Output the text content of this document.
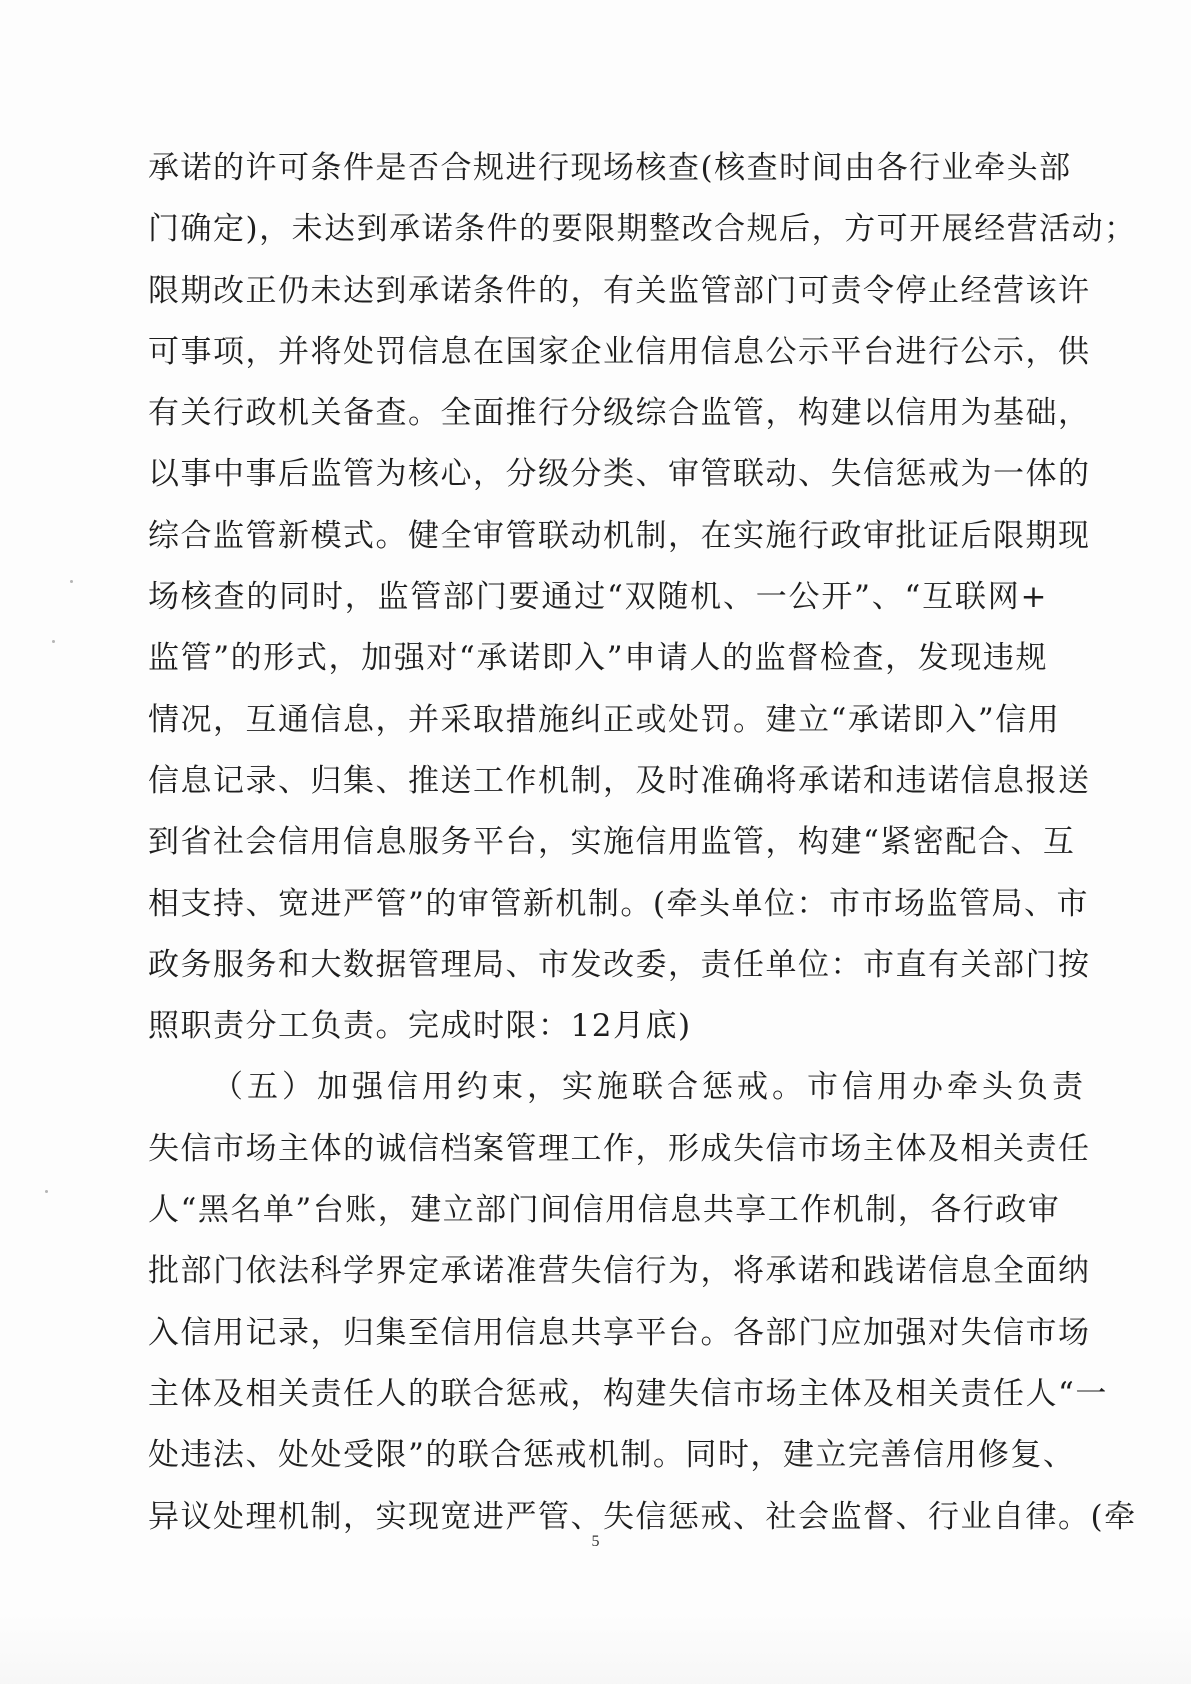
承诺的许可条件是否合规进行现场核查(核查时间由各行业牵头部
门确定)，未达到承诺条件的要限期整改合规后，方可开展经营活动；
限期改正仍未达到承诺条件的，有关监管部门可责令停止经营该许
可事项，并将处罚信息在国家企业信用信息公示平台进行公示，供
有关行政机关备查。全面推行分级综合监管，构建以信用为基础，
以事中事后监管为核心，分级分类、审管联动、失信惩戒为一体的
综合监管新模式。健全审管联动机制，在实施行政审批证后限期现
场核查的同时，监管部门要通过“双随机、一公开”、“互联网+
监管”的形式，加强对“承诺即入”申请人的监督检查，发现违规
情况，互通信息，并采取措施纠正或处罚。建立“承诺即入”信用
信息记录、归集、推送工作机制，及时准确将承诺和违诺信息报送
到省社会信用信息服务平台，实施信用监管，构建“紧密配合、互
相支持、宽进严管”的审管新机制。(牵头单位：市市场监管局、市
政务服务和大数据管理局、市发改委，责任单位：市直有关部门按
照职责分工负责。完成时限：12月底)
（五）加强信用约束，实施联合惩戒。市信用办牵头负责
失信市场主体的诚信档案管理工作，形成失信市场主体及相关责任
人“黑名单”台账，建立部门间信用信息共享工作机制，各行政审
批部门依法科学界定承诺准营失信行为，将承诺和践诺信息全面纳
入信用记录，归集至信用信息共享平台。各部门应加强对失信市场
主体及相关责任人的联合惩戒，构建失信市场主体及相关责任人“一
处违法、处处受限”的联合惩戒机制。同时，建立完善信用修复、
异议处理机制，实现宽进严管、失信惩戒、社会监督、行业自律。(牵
5
